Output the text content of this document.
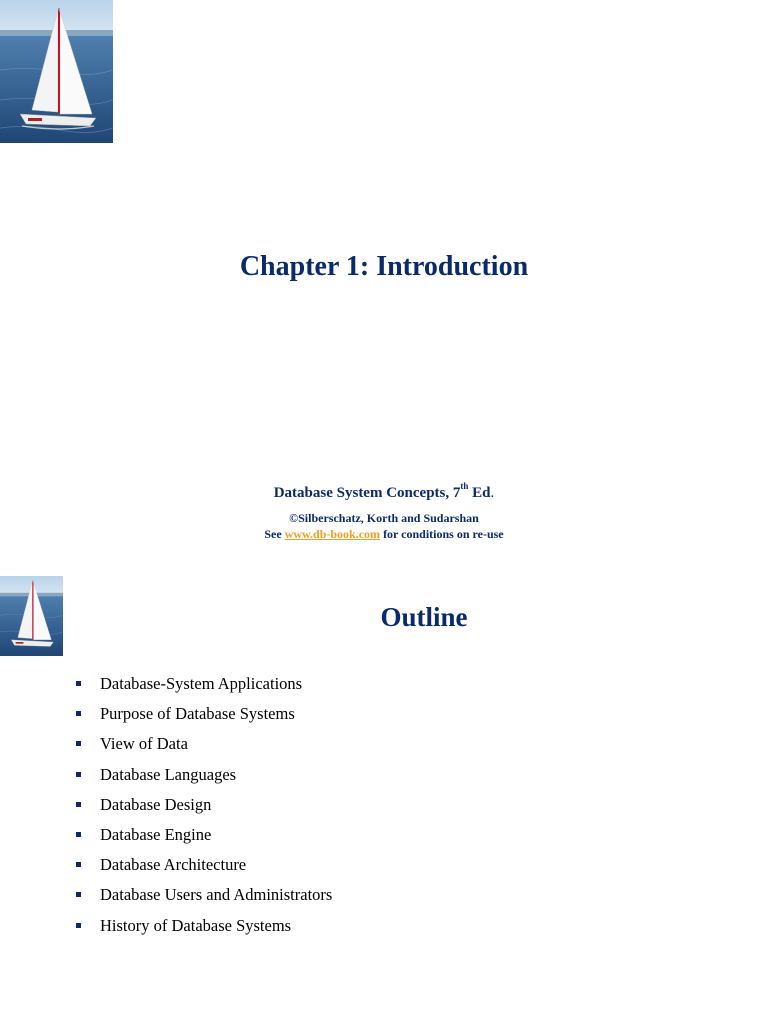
Chapter 1: Introduction
Database System Concepts, 7th Ed.
©Silberschatz, Korth and Sudarshan
See www.db-book.com for conditions on re-use
Outline
Database-System Applications
Purpose of Database Systems
View of Data
Database Languages
Database Design
Database Engine
Database Architecture
Database Users and Administrators
History of Database Systems
